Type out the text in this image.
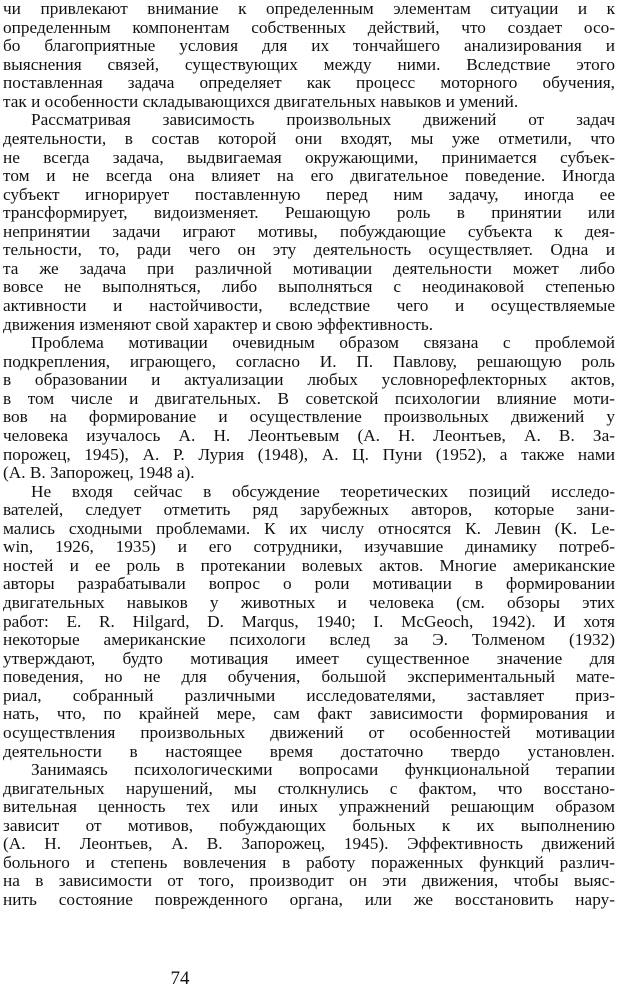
чи привлекают внимание к определенным элементам ситуации и к
определенным компонентам собственных действий, что создает осо-
бо благоприятные условия для их тончайшего анализирования и
выяснения связей, существующих между ними. Вследствие этого
поставленная задача определяет как процесс моторного обучения,
так и особенности складывающихся двигательных навыков и умений.
Рассматривая зависимость произвольных движений от задач
деятельности, в состав которой они входят, мы уже отметили, что
не всегда задача, выдвигаемая окружающими, принимается субъек-
том и не всегда она влияет на его двигательное поведение. Иногда
субъект игнорирует поставленную перед ним задачу, иногда ее
трансформирует, видоизменяет. Решающую роль в принятии или
непринятии задачи играют мотивы, побуждающие субъекта к дея-
тельности, то, ради чего он эту деятельность осуществляет. Одна и
та же задача при различной мотивации деятельности может либо
вовсе не выполняться, либо выполняться с неодинаковой степенью
активности и настойчивости, вследствие чего и осуществляемые
движения изменяют свой характер и свою эффективность.
Проблема мотивации очевидным образом связана с проблемой
подкрепления, играющего, согласно И. П. Павлову, решающую роль
в образовании и актуализации любых условнорефлекторных актов,
в том числе и двигательных. В советской психологии влияние моти-
вов на формирование и осуществление произвольных движений у
человека изучалось А. Н. Леонтьевым (А. Н. Леонтьев, А. В. За-
порожец, 1945), А. Р. Лурия (1948), А. Ц. Пуни (1952), а также нами
(А. В. Запорожец, 1948 а).
Не входя сейчас в обсуждение теоретических позиций исследо-
вателей, следует отметить ряд зарубежных авторов, которые зани-
мались сходными проблемами. К их числу относятся К. Левин (K. Le-
win, 1926, 1935) и его сотрудники, изучавшие динамику потреб-
ностей и ее роль в протекании волевых актов. Многие американские
авторы разрабатывали вопрос о роли мотивации в формировании
двигательных навыков у животных и человека (см. обзоры этих
работ: E. R. Hilgard, D. Marqus, 1940; I. McGeoch, 1942). И хотя
некоторые американские психологи вслед за Э. Толменом (1932)
утверждают, будто мотивация имеет существенное значение для
поведения, но не для обучения, большой экспериментальный мате-
риал, собранный различными исследователями, заставляет приз-
нать, что, по крайней мере, сам факт зависимости формирования и
осуществления произвольных движений от особенностей мотивации
деятельности в настоящее время достаточно твердо установлен.
Занимаясь психологическими вопросами функциональной терапии
двигательных нарушений, мы столкнулись с фактом, что восстано-
вительная ценность тех или иных упражнений решающим образом
зависит от мотивов, побуждающих больных к их выполнению
(А. Н. Леонтьев, А. В. Запорожец, 1945). Эффективность движений
больного и степень вовлечения в работу пораженных функций различ-
на в зависимости от того, производит он эти движения, чтобы выяс-
нить состояние поврежденного органа, или же восстановить нару-
74
